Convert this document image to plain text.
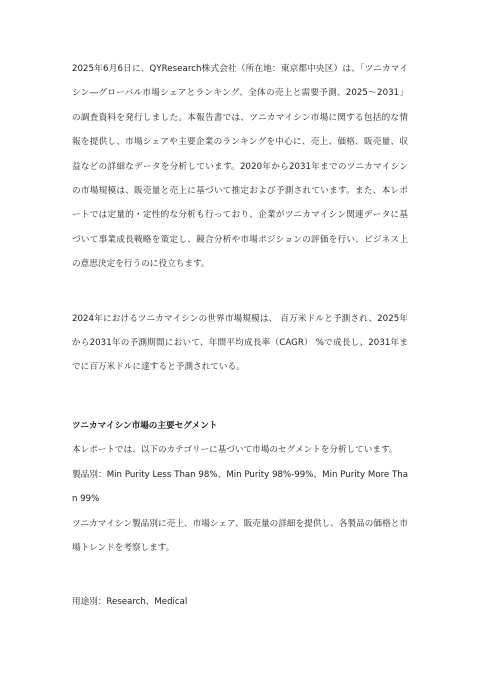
2025年6月6日に、QYResearch株式会社（所在地：東京都中央区）は、「ツニカマイシン―グローバル市場シェアとランキング、全体の売上と需要予測、2025～2031」の調査資料を発行しました。本報告書では、ツニカマイシン市場に関する包括的な情報を提供し、市場シェアや主要企業のランキングを中心に、売上、価格、販売量、収益などの詳細なデータを分析しています。2020年から2031年までのツニカマイシンの市場規模は、販売量と売上に基づいて推定および予測されています。また、本レポートでは定量的・定性的な分析も行っており、企業がツニカマイシン関連データに基づいて事業成長戦略を策定し、競合分析や市場ポジションの評価を行い、ビジネス上の意思決定を行うのに役立ちます。

2024年におけるツニカマイシンの世界市場規模は、 百万米ドルと予測され、2025年から2031年の予測期間において、年間平均成長率（CAGR） %で成長し、2031年までに百万米ドルに達すると予測されている。

ツニカマイシン市場の主要セグメント

本レポートでは、以下のカテゴリーに基づいて市場のセグメントを分析しています。

製品別：Min Purity Less Than 98%、Min Purity 98%-99%、Min Purity More Than 99%

ツニカマイシン製品別に売上、市場シェア、販売量の詳細を提供し、各製品の価格と市場トレンドを考察します。

用途別：Research、Medical
